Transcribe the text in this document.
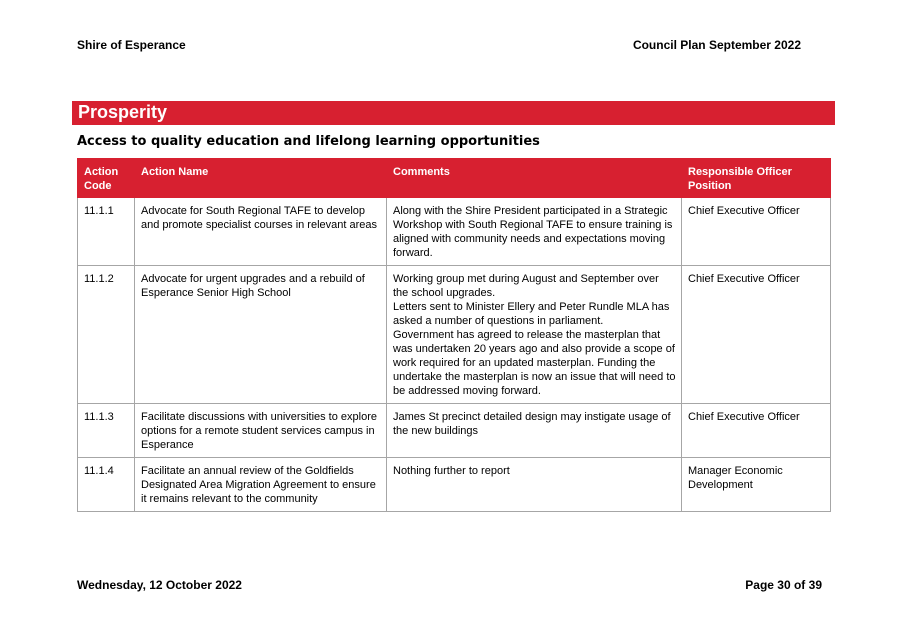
Shire of Esperance	Council Plan September 2022
Prosperity
Access to quality education and lifelong learning opportunities
Action Code	Action Name	Comments	Responsible Officer Position
11.1.1	Advocate for South Regional TAFE to develop and promote specialist courses in relevant areas	Along with the Shire President participated in a Strategic Workshop with South Regional TAFE to ensure training is aligned with community needs and expectations moving forward.	Chief Executive Officer
11.1.2	Advocate for urgent upgrades and a rebuild of Esperance Senior High School	Working group met during August and September over the school upgrades.
Letters sent to Minister Ellery and Peter Rundle MLA has asked a number of questions in parliament.
Government has agreed to release the masterplan that was undertaken 20 years ago and also provide a scope of work required for an updated masterplan. Funding the undertake the masterplan is now an issue that will need to be addressed moving forward.	Chief Executive Officer
11.1.3	Facilitate discussions with universities to explore options for a remote student services campus in Esperance	James St precinct detailed design may instigate usage of the new buildings	Chief Executive Officer
11.1.4	Facilitate an annual review of the Goldfields Designated Area Migration Agreement to ensure it remains relevant to the community	Nothing further to report	Manager Economic Development
Wednesday, 12 October 2022	Page 30 of 39
